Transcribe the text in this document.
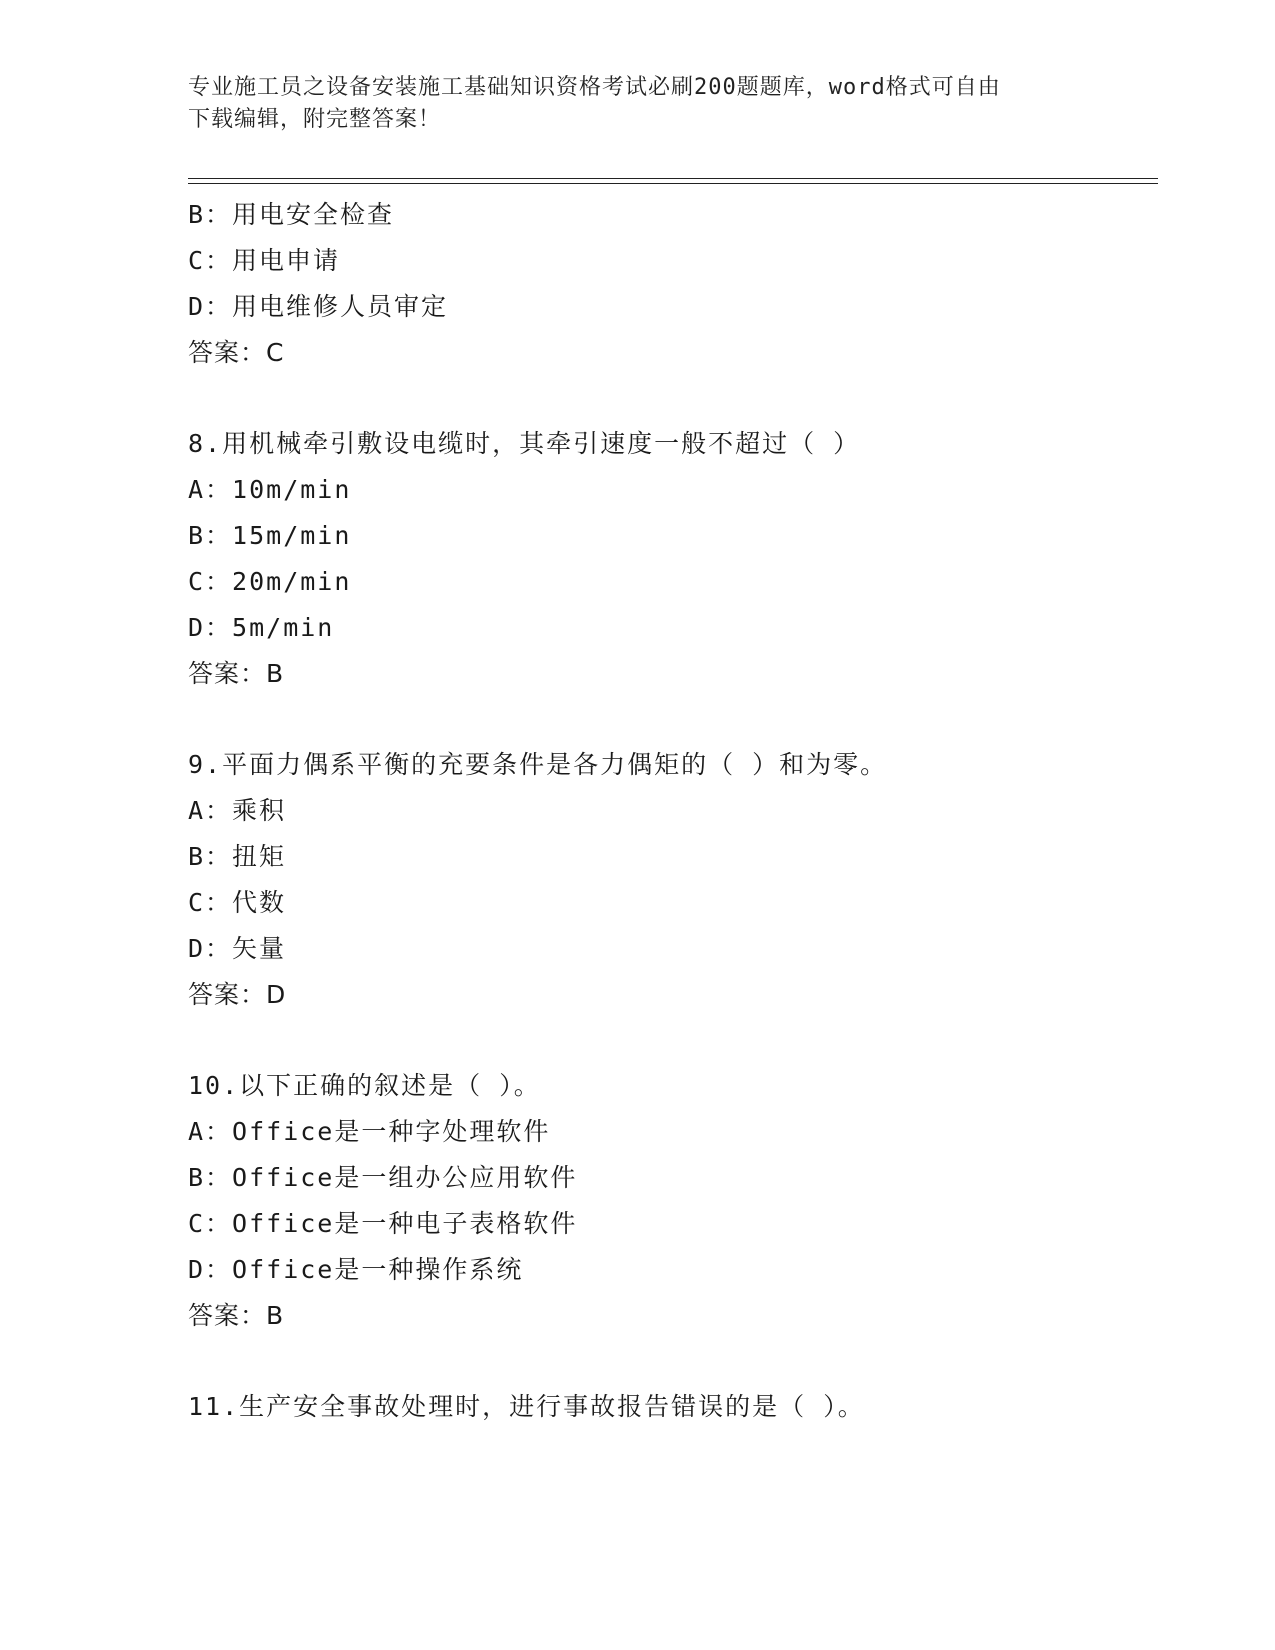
专业施工员之设备安装施工基础知识资格考试必刷200题题库，word格式可自由
下载编辑，附完整答案！
B：用电安全检查
C：用电申请
D：用电维修人员审定
答案：C
8.用机械牵引敷设电缆时，其牵引速度一般不超过（ ）
A：10m/min
B：15m/min
C：20m/min
D：5m/min
答案：B
9.平面力偶系平衡的充要条件是各力偶矩的（ ）和为零。
A：乘积
B：扭矩
C：代数
D：矢量
答案：D
10.以下正确的叙述是（ ）。
A：Office是一种字处理软件
B：Office是一组办公应用软件
C：Office是一种电子表格软件
D：Office是一种操作系统
答案：B
11.生产安全事故处理时，进行事故报告错误的是（ ）。
